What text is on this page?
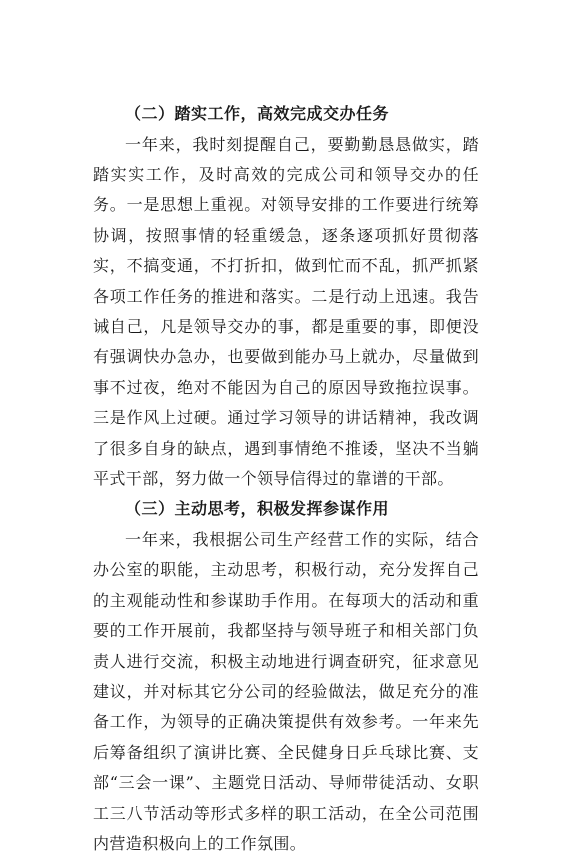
（二）踏实工作，高效完成交办任务

一年来，我时刻提醒自己，要勤勤恳恳做实，踏踏实实工作，及时高效的完成公司和领导交办的任务。一是思想上重视。对领导安排的工作要进行统筹协调，按照事情的轻重缓急，逐条逐项抓好贯彻落实，不搞变通，不打折扣，做到忙而不乱，抓严抓紧各项工作任务的推进和落实。二是行动上迅速。我告诫自己，凡是领导交办的事，都是重要的事，即便没有强调快办急办，也要做到能办马上就办，尽量做到事不过夜，绝对不能因为自己的原因导致拖拉误事。三是作风上过硬。通过学习领导的讲话精神，我改调了很多自身的缺点，遇到事情绝不推诿，坚决不当躺平式干部，努力做一个领导信得过的靠谱的干部。

（三）主动思考，积极发挥参谋作用

一年来，我根据公司生产经营工作的实际，结合办公室的职能，主动思考，积极行动，充分发挥自己的主观能动性和参谋助手作用。在每项大的活动和重要的工作开展前，我都坚持与领导班子和相关部门负责人进行交流，积极主动地进行调查研究，征求意见建议，并对标其它分公司的经验做法，做足充分的准备工作，为领导的正确决策提供有效参考。一年来先后筹备组织了演讲比赛、全民健身日乒乓球比赛、支部“三会一课”、主题党日活动、导师带徒活动、女职工三八节活动等形式多样的职工活动，在全公司范围内营造积极向上的工作氛围。
